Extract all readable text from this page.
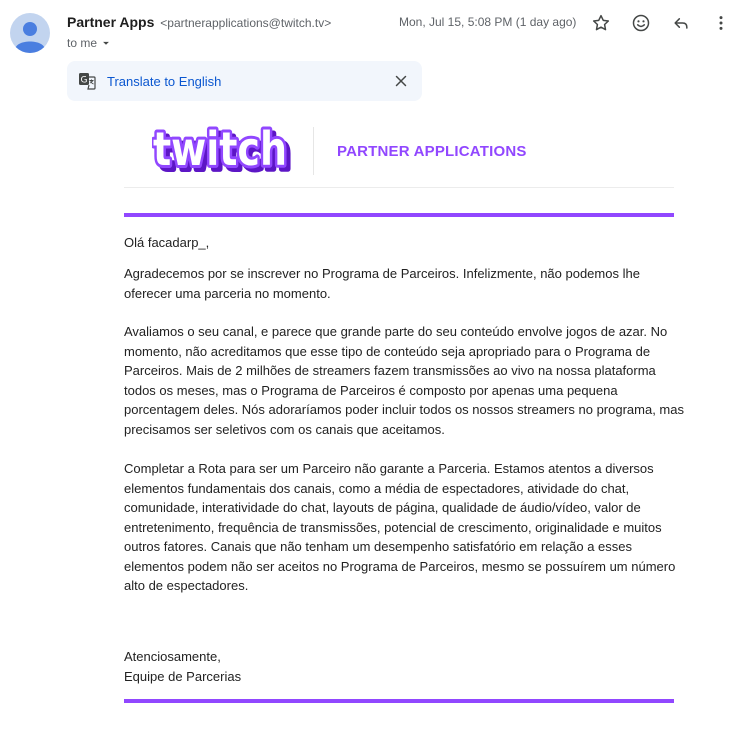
Partner Apps <partnerapplications@twitch.tv>	Mon, Jul 15, 5:08 PM (1 day ago)
to me
G Translate to English
twitch
twitch	PARTNER APPLICATIONS

Olá facadarp_,

Agradecemos por se inscrever no Programa de Parceiros. Infelizmente, não podemos lhe oferecer uma parceria no momento.

Avaliamos o seu canal, e parece que grande parte do seu conteúdo envolve jogos de azar. No momento, não acreditamos que esse tipo de conteúdo seja apropriado para o Programa de Parceiros. Mais de 2 milhões de streamers fazem transmissões ao vivo na nossa plataforma todos os meses, mas o Programa de Parceiros é composto por apenas uma pequena porcentagem deles. Nós adoraríamos poder incluir todos os nossos streamers no programa, mas precisamos ser seletivos com os canais que aceitamos.

Completar a Rota para ser um Parceiro não garante a Parceria. Estamos atentos a diversos elementos fundamentais dos canais, como a média de espectadores, atividade do chat, comunidade, interatividade do chat, layouts de página, qualidade de áudio/vídeo, valor de entretenimento, frequência de transmissões, potencial de crescimento, originalidade e muitos outros fatores. Canais que não tenham um desempenho satisfatório em relação a esses elementos podem não ser aceitos no Programa de Parceiros, mesmo se possuírem um número alto de espectadores.

Atenciosamente,

Equipe de Parcerias
